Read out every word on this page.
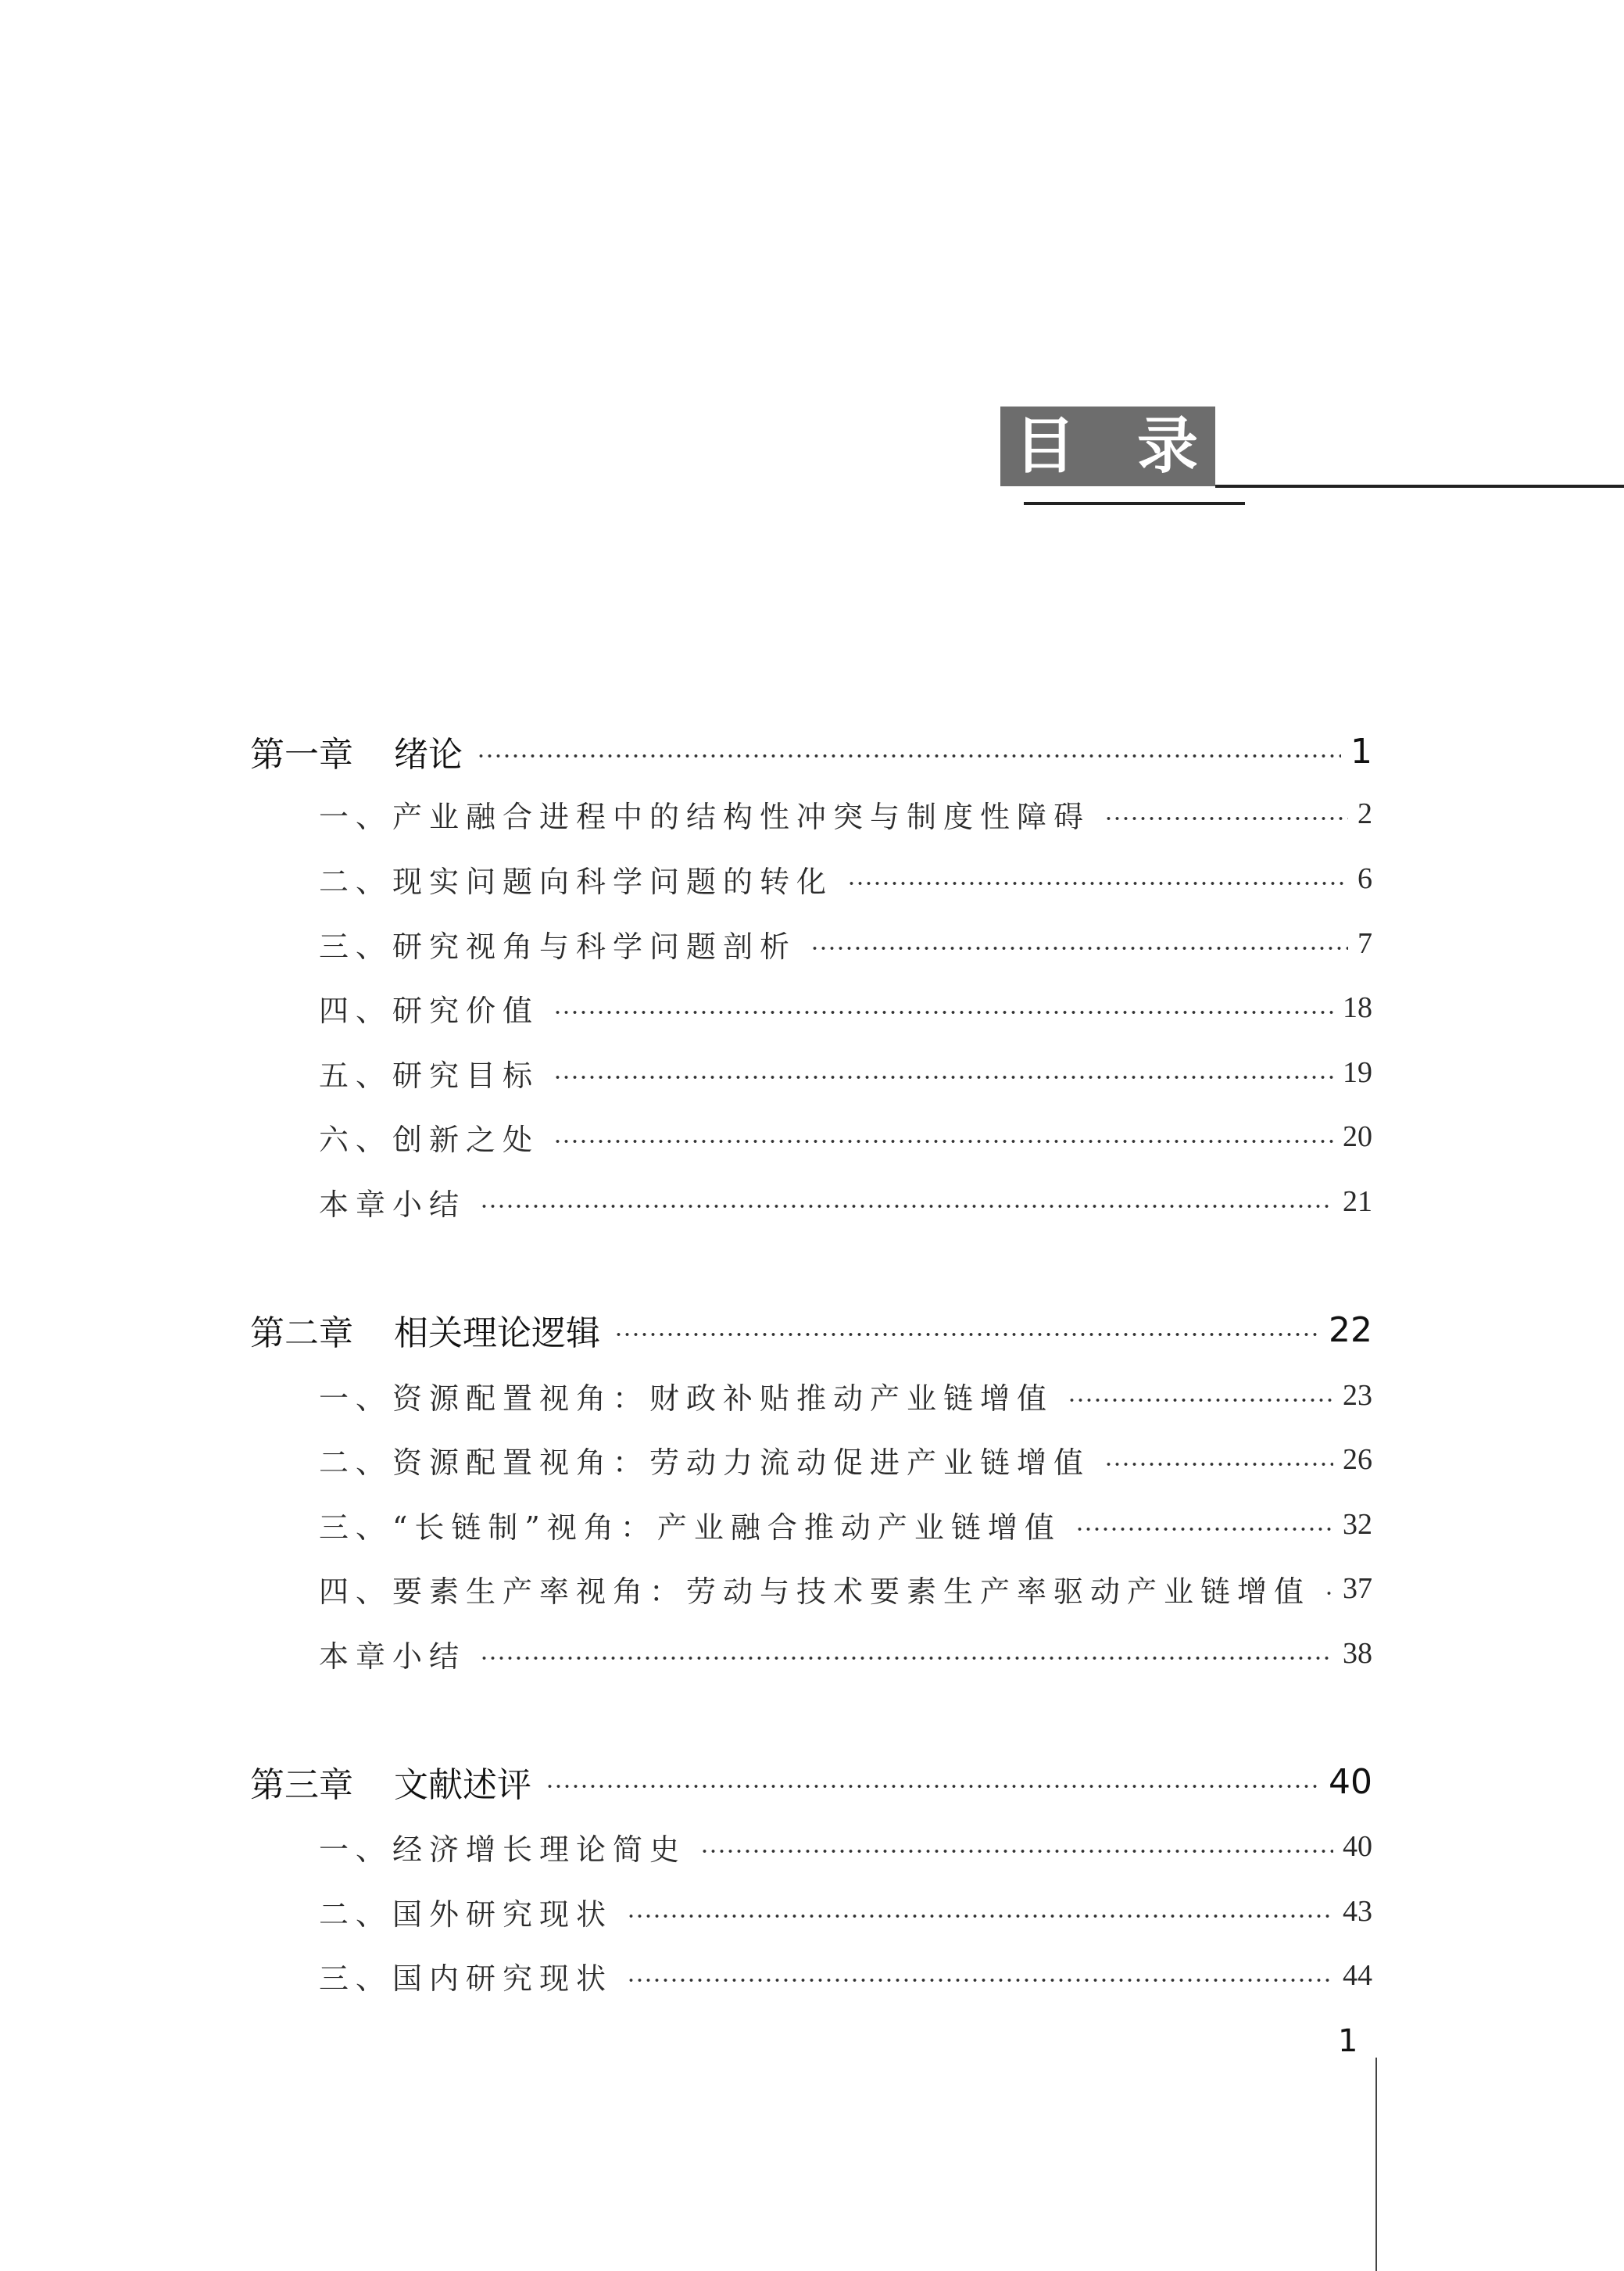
目 录
第一章 绪论	1
一、产业融合进程中的结构性冲突与制度性障碍	2
二、现实问题向科学问题的转化	6
三、研究视角与科学问题剖析	7
四、研究价值	18
五、研究目标	19
六、创新之处	20
本章小结	21
第二章 相关理论逻辑	22
一、资源配置视角：财政补贴推动产业链增值	23
二、资源配置视角：劳动力流动促进产业链增值	26
三、“长链制”视角：产业融合推动产业链增值	32
四、要素生产率视角：劳动与技术要素生产率驱动产业链增值 37
本章小结	38
第三章 文献述评	40
一、经济增长理论简史	40
二、国外研究现状	43
三、国内研究现状	44
1
